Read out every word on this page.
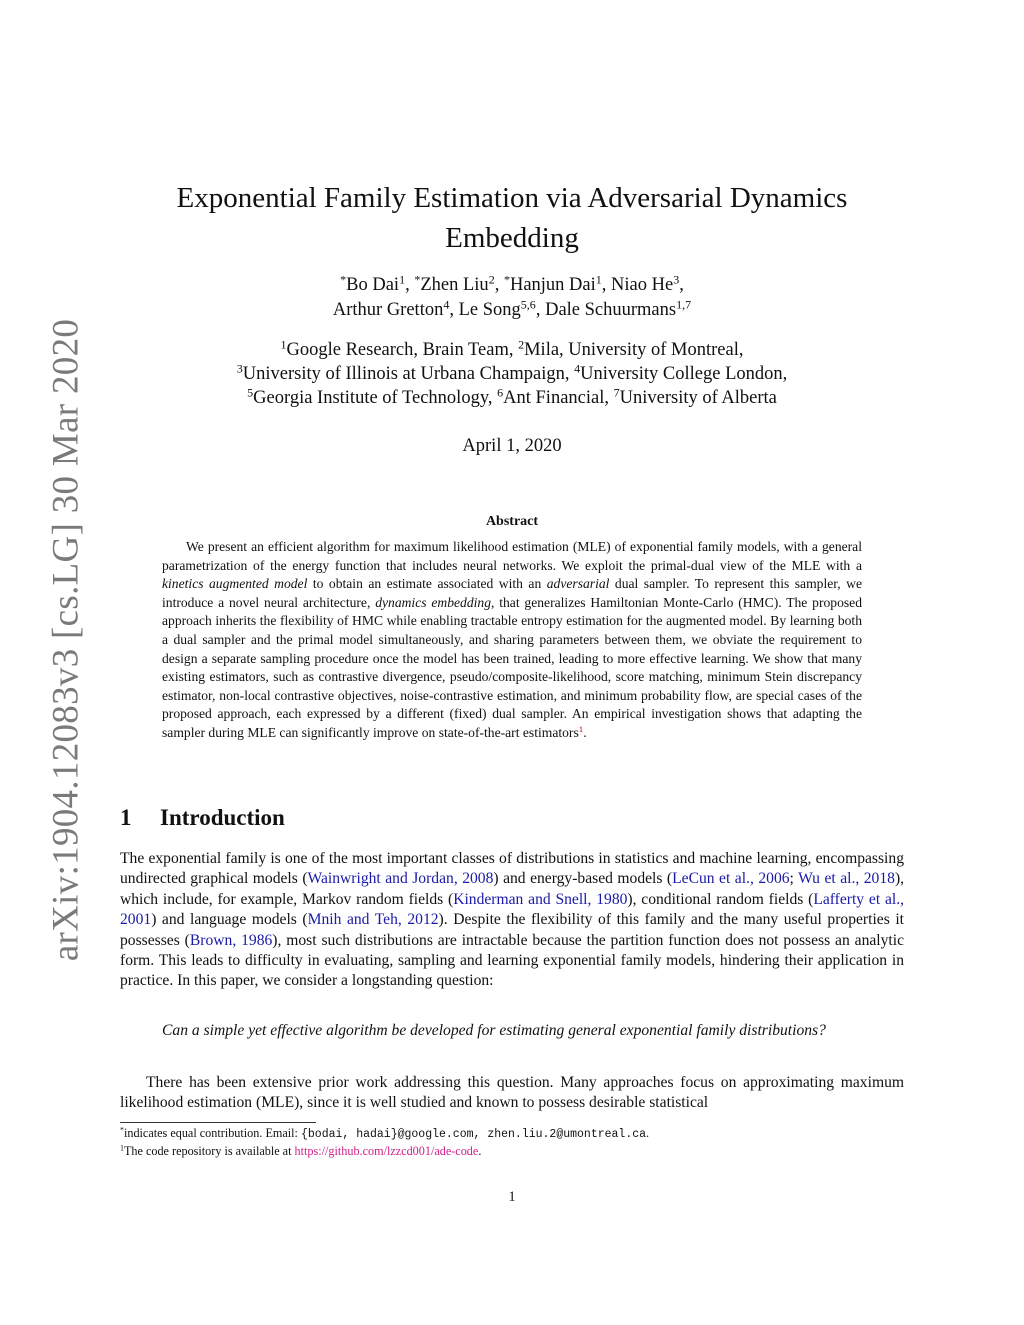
arXiv:1904.12083v3 [cs.LG] 30 Mar 2020
Exponential Family Estimation via Adversarial Dynamics
Embedding
*Bo Dai$^1$, *Zhen Liu$^2$, *Hanjun Dai$^1$, Niao He$^3$,
Arthur Gretton$^4$, Le Song$^{5,6}$, Dale Schuurmans$^{1,7}$
$^1$Google Research, Brain Team, $^2$Mila, University of Montreal,
$^3$University of Illinois at Urbana Champaign, $^4$University College London,
$^5$Georgia Institute of Technology, $^6$Ant Financial, $^7$University of Alberta
April 1, 2020
Abstract

We present an efficient algorithm for maximum likelihood estimation (MLE) of exponential family models, with a general parametrization of the energy function that includes neural networks. We exploit the primal-dual view of the MLE with a kinetics augmented model to obtain an estimate associated with an adversarial dual sampler. To represent this sampler, we introduce a novel neural architecture, dynamics embedding, that generalizes Hamiltonian Monte-Carlo (HMC). The proposed approach inherits the flexibility of HMC while enabling tractable entropy estimation for the augmented model. By learning both a dual sampler and the primal model simultaneously, and sharing parameters between them, we obviate the requirement to design a separate sampling procedure once the model has been trained, leading to more effective learning. We show that many existing estimators, such as contrastive divergence, pseudo/composite-likelihood, score matching, minimum Stein discrepancy estimator, non-local contrastive objectives, noise-contrastive estimation, and minimum probability flow, are special cases of the proposed approach, each expressed by a different (fixed) dual sampler. An empirical investigation shows that adapting the sampler during MLE can significantly improve on state-of-the-art estimators$^1$.

1 Introduction

The exponential family is one of the most important classes of distributions in statistics and machine learning, encompassing undirected graphical models (Wainwright and Jordan, 2008) and energy-based models (LeCun et al., 2006; Wu et al., 2018), which include, for example, Markov random fields (Kinderman and Snell, 1980), conditional random fields (Lafferty et al., 2001) and language models (Mnih and Teh, 2012). Despite the flexibility of this family and the many useful properties it possesses (Brown, 1986), most such distributions are intractable because the partition function does not possess an analytic form. This leads to difficulty in evaluating, sampling and learning exponential family models, hindering their application in practice. In this paper, we consider a longstanding question:

Can a simple yet effective algorithm be developed for estimating general exponential family distributions?

There has been extensive prior work addressing this question. Many approaches focus on approximating maximum likelihood estimation (MLE), since it is well studied and known to possess desirable statistical

*indicates equal contribution. Email: {bodai, hadai}@google.com, zhen.liu.2@umontreal.ca.
$^1$The code repository is available at https://github.com/lzzcd001/ade-code.
1
